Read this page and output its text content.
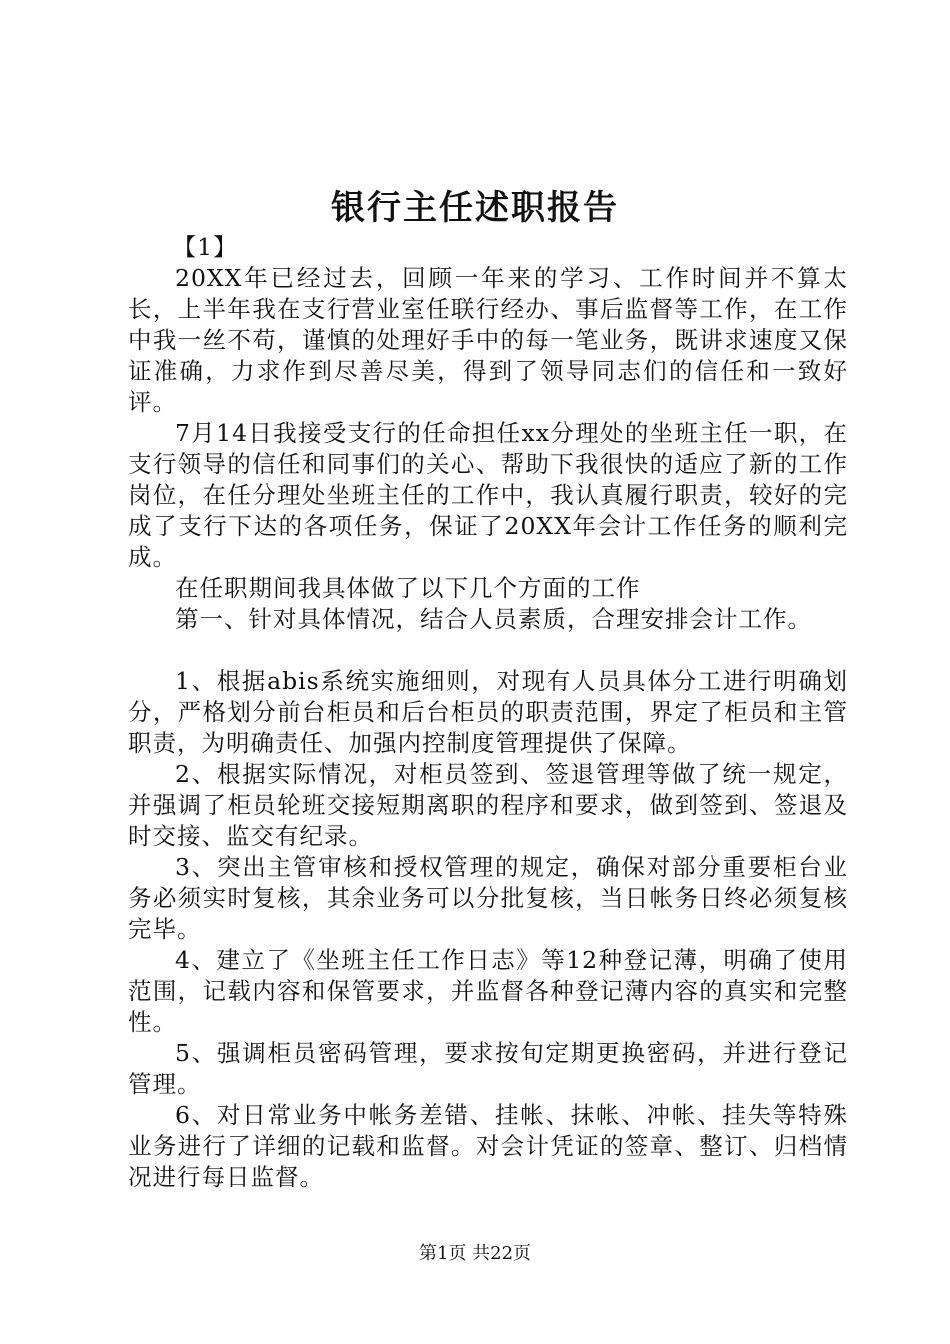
银行主任述职报告

【1】

20XX年已经过去，回顾一年来的学习、工作时间并不算太长，上半年我在支行营业室任联行经办、事后监督等工作，在工作中我一丝不苟，谨慎的处理好手中的每一笔业务，既讲求速度又保证准确，力求作到尽善尽美，得到了领导同志们的信任和一致好评。

7月14日我接受支行的任命担任xx分理处的坐班主任一职，在支行领导的信任和同事们的关心、帮助下我很快的适应了新的工作岗位，在任分理处坐班主任的工作中，我认真履行职责，较好的完成了支行下达的各项任务，保证了20XX年会计工作任务的顺利完成。

在任职期间我具体做了以下几个方面的工作

第一、针对具体情况，结合人员素质，合理安排会计工作。

1、根据abis系统实施细则，对现有人员具体分工进行明确划分，严格划分前台柜员和后台柜员的职责范围，界定了柜员和主管职责，为明确责任、加强内控制度管理提供了保障。

2、根据实际情况，对柜员签到、签退管理等做了统一规定，并强调了柜员轮班交接短期离职的程序和要求，做到签到、签退及时交接、监交有纪录。

3、突出主管审核和授权管理的规定，确保对部分重要柜台业务必须实时复核，其余业务可以分批复核，当日帐务日终必须复核完毕。

4、建立了《坐班主任工作日志》等12种登记薄，明确了使用范围，记载内容和保管要求，并监督各种登记薄内容的真实和完整性。

5、强调柜员密码管理，要求按旬定期更换密码，并进行登记管理。

6、对日常业务中帐务差错、挂帐、抹帐、冲帐、挂失等特殊业务进行了详细的记载和监督。对会计凭证的签章、整订、归档情况进行每日监督。

第1页 共22页
